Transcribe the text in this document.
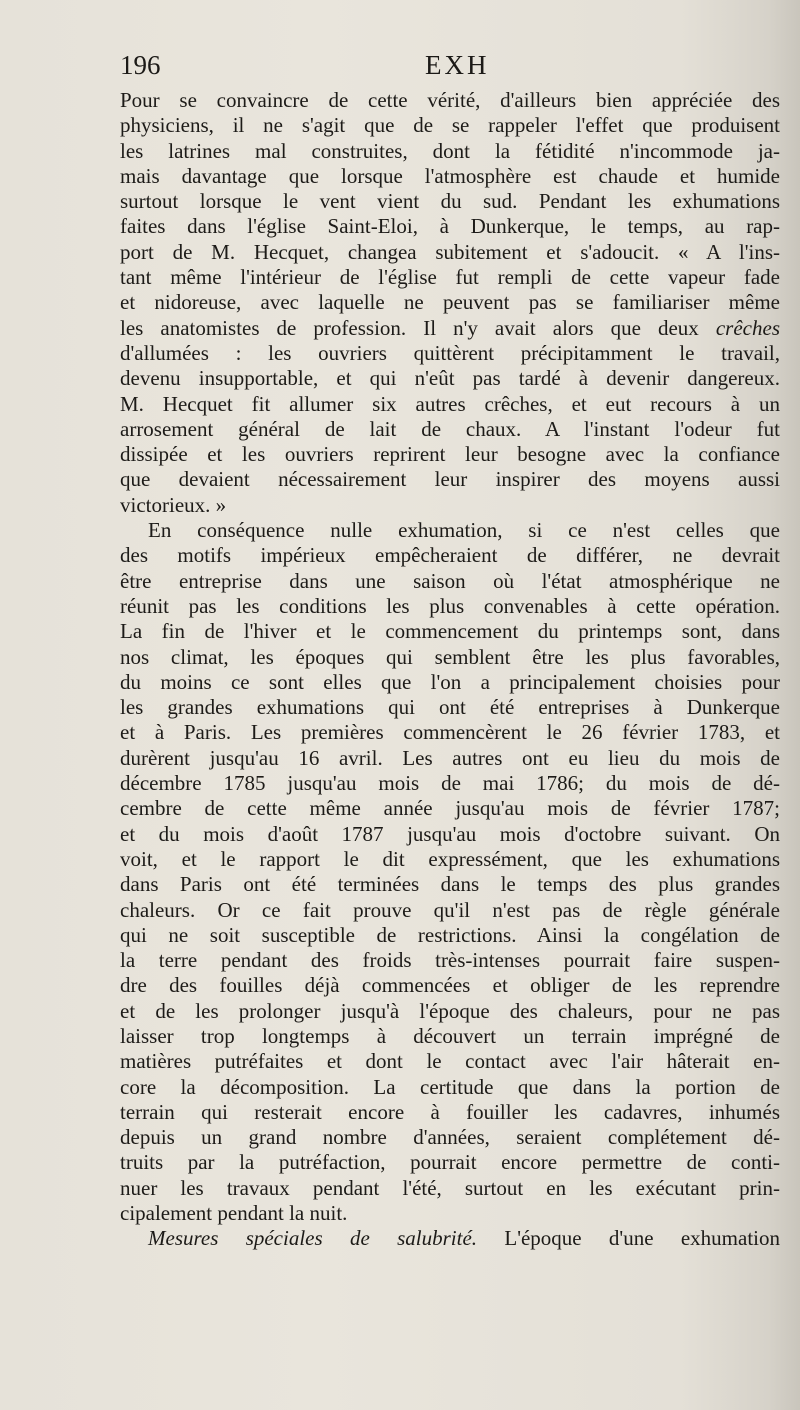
196	EXH
Pour se convaincre de cette vérité, d'ailleurs bien appréciée des
physiciens, il ne s'agit que de se rappeler l'effet que produisent
les latrines mal construites, dont la fétidité n'incommode ja-
mais davantage que lorsque l'atmosphère est chaude et humide
surtout lorsque le vent vient du sud. Pendant les exhumations
faites dans l'église Saint-Eloi, à Dunkerque, le temps, au rap-
port de M. Hecquet, changea subitement et s'adoucit. « A l'ins-
tant même l'intérieur de l'église fut rempli de cette vapeur fade
et nidoreuse, avec laquelle ne peuvent pas se familiariser même
les anatomistes de profession. Il n'y avait alors que deux crêches
d'allumées : les ouvriers quittèrent précipitamment le travail,
devenu insupportable, et qui n'eût pas tardé à devenir dangereux.
M. Hecquet fit allumer six autres crêches, et eut recours à un
arrosement général de lait de chaux. A l'instant l'odeur fut
dissipée et les ouvriers reprirent leur besogne avec la confiance
que devaient nécessairement leur inspirer des moyens aussi
victorieux. »
En conséquence nulle exhumation, si ce n'est celles que
des motifs impérieux empêcheraient de différer, ne devrait
être entreprise dans une saison où l'état atmosphérique ne
réunit pas les conditions les plus convenables à cette opération.
La fin de l'hiver et le commencement du printemps sont, dans
nos climat, les époques qui semblent être les plus favorables,
du moins ce sont elles que l'on a principalement choisies pour
les grandes exhumations qui ont été entreprises à Dunkerque
et à Paris. Les premières commencèrent le 26 février 1783, et
durèrent jusqu'au 16 avril. Les autres ont eu lieu du mois de
décembre 1785 jusqu'au mois de mai 1786; du mois de dé-
cembre de cette même année jusqu'au mois de février 1787;
et du mois d'août 1787 jusqu'au mois d'octobre suivant. On
voit, et le rapport le dit expressément, que les exhumations
dans Paris ont été terminées dans le temps des plus grandes
chaleurs. Or ce fait prouve qu'il n'est pas de règle générale
qui ne soit susceptible de restrictions. Ainsi la congélation de
la terre pendant des froids très-intenses pourrait faire suspen-
dre des fouilles déjà commencées et obliger de les reprendre
et de les prolonger jusqu'à l'époque des chaleurs, pour ne pas
laisser trop longtemps à découvert un terrain imprégné de
matières putréfaites et dont le contact avec l'air hâterait en-
core la décomposition. La certitude que dans la portion de
terrain qui resterait encore à fouiller les cadavres, inhumés
depuis un grand nombre d'années, seraient complétement dé-
truits par la putréfaction, pourrait encore permettre de conti-
nuer les travaux pendant l'été, surtout en les exécutant prin-
cipalement pendant la nuit.
Mesures spéciales de salubrité. L'époque d'une exhumation
